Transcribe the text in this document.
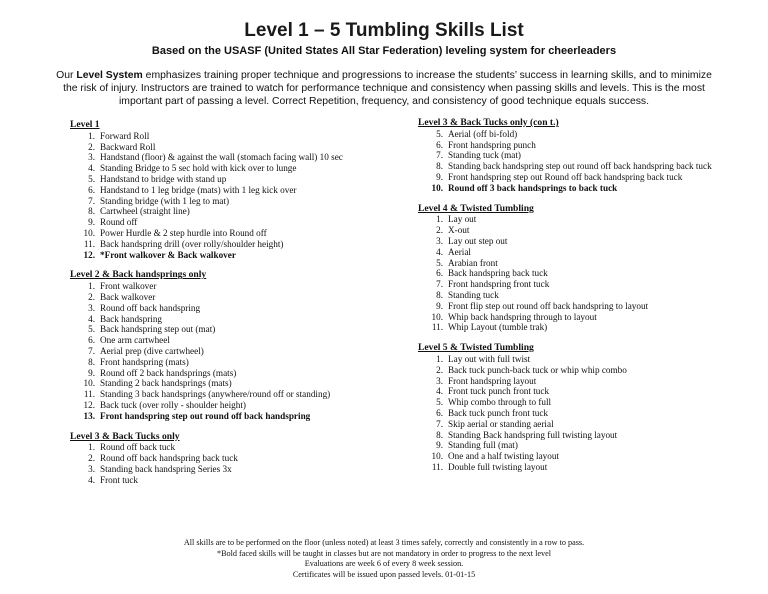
Level 1 – 5 Tumbling Skills List
Based on the USASF (United States All Star Federation) leveling system for cheerleaders
Our Level System emphasizes training proper technique and progressions to increase the students’ success in learning skills, and to minimize the risk of injury. Instructors are trained to watch for performance technique and consistency when passing skills and levels. This is the most important part of passing a level. Correct Repetition, frequency, and consistency of good technique equals success.
Level 1
1. Forward Roll
2. Backward Roll
3. Handstand (floor) & against the wall (stomach facing wall) 10 sec
4. Standing Bridge to 5 sec hold with kick over to lunge
5. Handstand to bridge with stand up
6. Handstand to 1 leg bridge (mats) with 1 leg kick over
7. Standing bridge (with 1 leg to mat)
8. Cartwheel (straight line)
9. Round off
10. Power Hurdle & 2 step hurdle into Round off
11. Back handspring drill (over rolly/shoulder height)
12. *Front walkover & Back walkover
Level 2 & Back handsprings only
1. Front walkover
2. Back walkover
3. Round off back handspring
4. Back handspring
5. Back handspring step out (mat)
6. One arm cartwheel
7. Aerial prep (dive cartwheel)
8. Front handspring (mats)
9. Round off 2 back handsprings (mats)
10. Standing 2 back handsprings (mats)
11. Standing 3 back handsprings (anywhere/round off or standing)
12. Back tuck (over rolly - shoulder height)
13. Front handspring step out round off back handspring
Level 3 & Back Tucks only
1. Round off back tuck
2. Round off back handspring back tuck
3. Standing back handspring Series 3x
4. Front tuck
Level 3 & Back Tucks only (con t.)
5. Aerial (off bi-fold)
6. Front handspring punch
7. Standing tuck (mat)
8. Standing back handspring step out round off back handspring back tuck
9. Front handspring step out Round off back handspring back tuck
10. Round off 3 back handsprings to back tuck
Level 4 & Twisted Tumbling
1. Lay out
2. X-out
3. Lay out step out
4. Aerial
5. Arabian front
6. Back handspring back tuck
7. Front handspring front tuck
8. Standing tuck
9. Front flip step out round off back handspring to layout
10. Whip back handspring through to layout
11. Whip Layout (tumble trak)
Level 5 & Twisted Tumbling
1. Lay out with full twist
2. Back tuck punch-back tuck or whip whip combo
3. Front handspring layout
4. Front tuck punch front tuck
5. Whip combo through to full
6. Back tuck punch front tuck
7. Skip aerial or standing aerial
8. Standing Back handspring full twisting layout
9. Standing full (mat)
10. One and a half twisting layout
11. Double full twisting layout
All skills are to be performed on the floor (unless noted) at least 3 times safely, correctly and consistently in a row to pass.
*Bold faced skills will be taught in classes but are not mandatory in order to progress to the next level
Evaluations are week 6 of every 8 week session.
Certificates will be issued upon passed levels. 01-01-15
